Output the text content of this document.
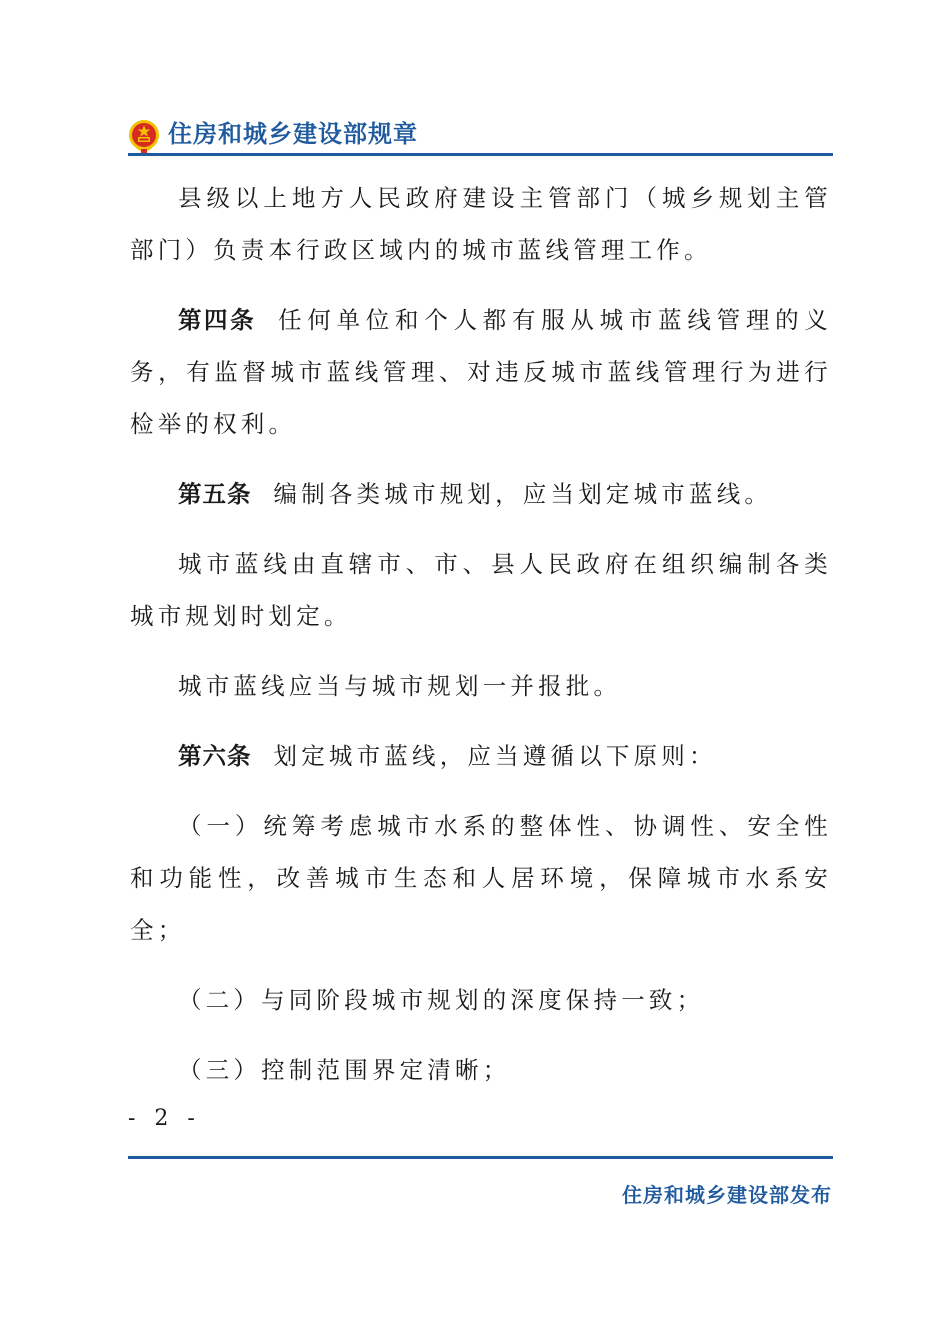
住房和城乡建设部规章

县级以上地方人民政府建设主管部门（城乡规划主管部门）负责本行政区域内的城市蓝线管理工作。

第四条 任何单位和个人都有服从城市蓝线管理的义务，有监督城市蓝线管理、对违反城市蓝线管理行为进行检举的权利。

第五条 编制各类城市规划，应当划定城市蓝线。

城市蓝线由直辖市、市、县人民政府在组织编制各类城市规划时划定。

城市蓝线应当与城市规划一并报批。

第六条 划定城市蓝线，应当遵循以下原则：

（一）统筹考虑城市水系的整体性、协调性、安全性和功能性，改善城市生态和人居环境，保障城市水系安全；

（二）与同阶段城市规划的深度保持一致；

（三）控制范围界定清晰；

- 2 -
住房和城乡建设部发布
